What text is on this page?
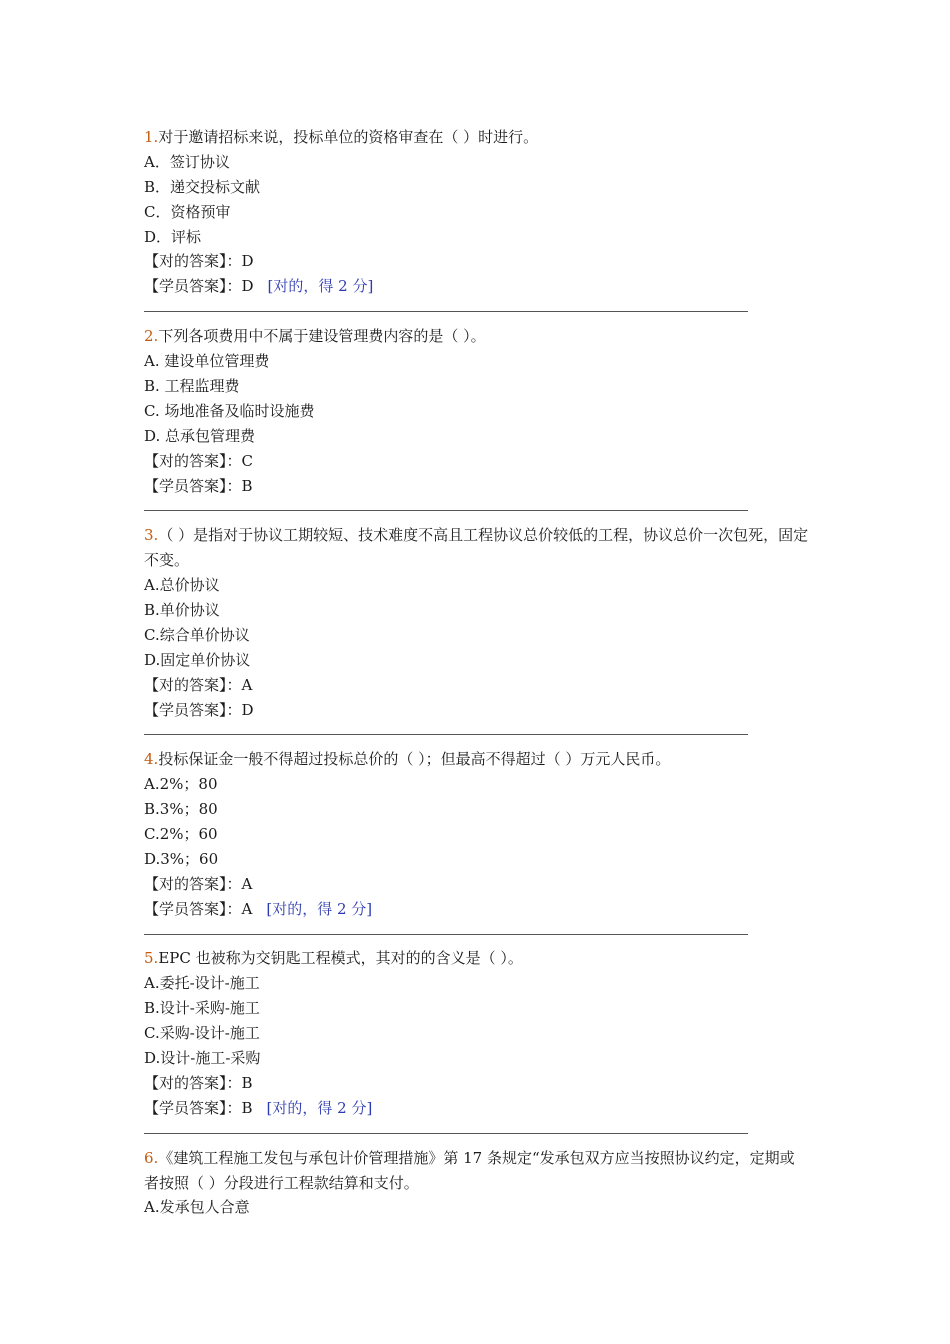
1.对于邀请招标来说，投标单位的资格审查在（ ）时进行。
A．签订协议
B．递交投标文献
C．资格预审
D．评标
【对的答案】：D
【学员答案】：D [对的，得 2 分]
2.下列各项费用中不属于建设管理费内容的是（ ）。
A. 建设单位管理费
B. 工程监理费
C. 场地准备及临时设施费
D. 总承包管理费
【对的答案】：C
【学员答案】：B
3.（ ）是指对于协议工期较短、技术难度不高且工程协议总价较低的工程，协议总价一次包死，固定不变。
A.总价协议
B.单价协议
C.综合单价协议
D.固定单价协议
【对的答案】：A
【学员答案】：D
4.投标保证金一般不得超过投标总价的（ ）；但最高不得超过（ ）万元人民币。
A.2%；80
B.3%；80
C.2%；60
D.3%；60
【对的答案】：A
【学员答案】：A [对的，得 2 分]
5.EPC 也被称为交钥匙工程模式，其对的的含义是（ ）。
A.委托-设计-施工
B.设计-采购-施工
C.采购-设计-施工
D.设计-施工-采购
【对的答案】：B
【学员答案】：B [对的，得 2 分]
6.《建筑工程施工发包与承包计价管理措施》第 17 条规定“发承包双方应当按照协议约定，定期或者按照（ ）分段进行工程款结算和支付。
A.发承包人合意
